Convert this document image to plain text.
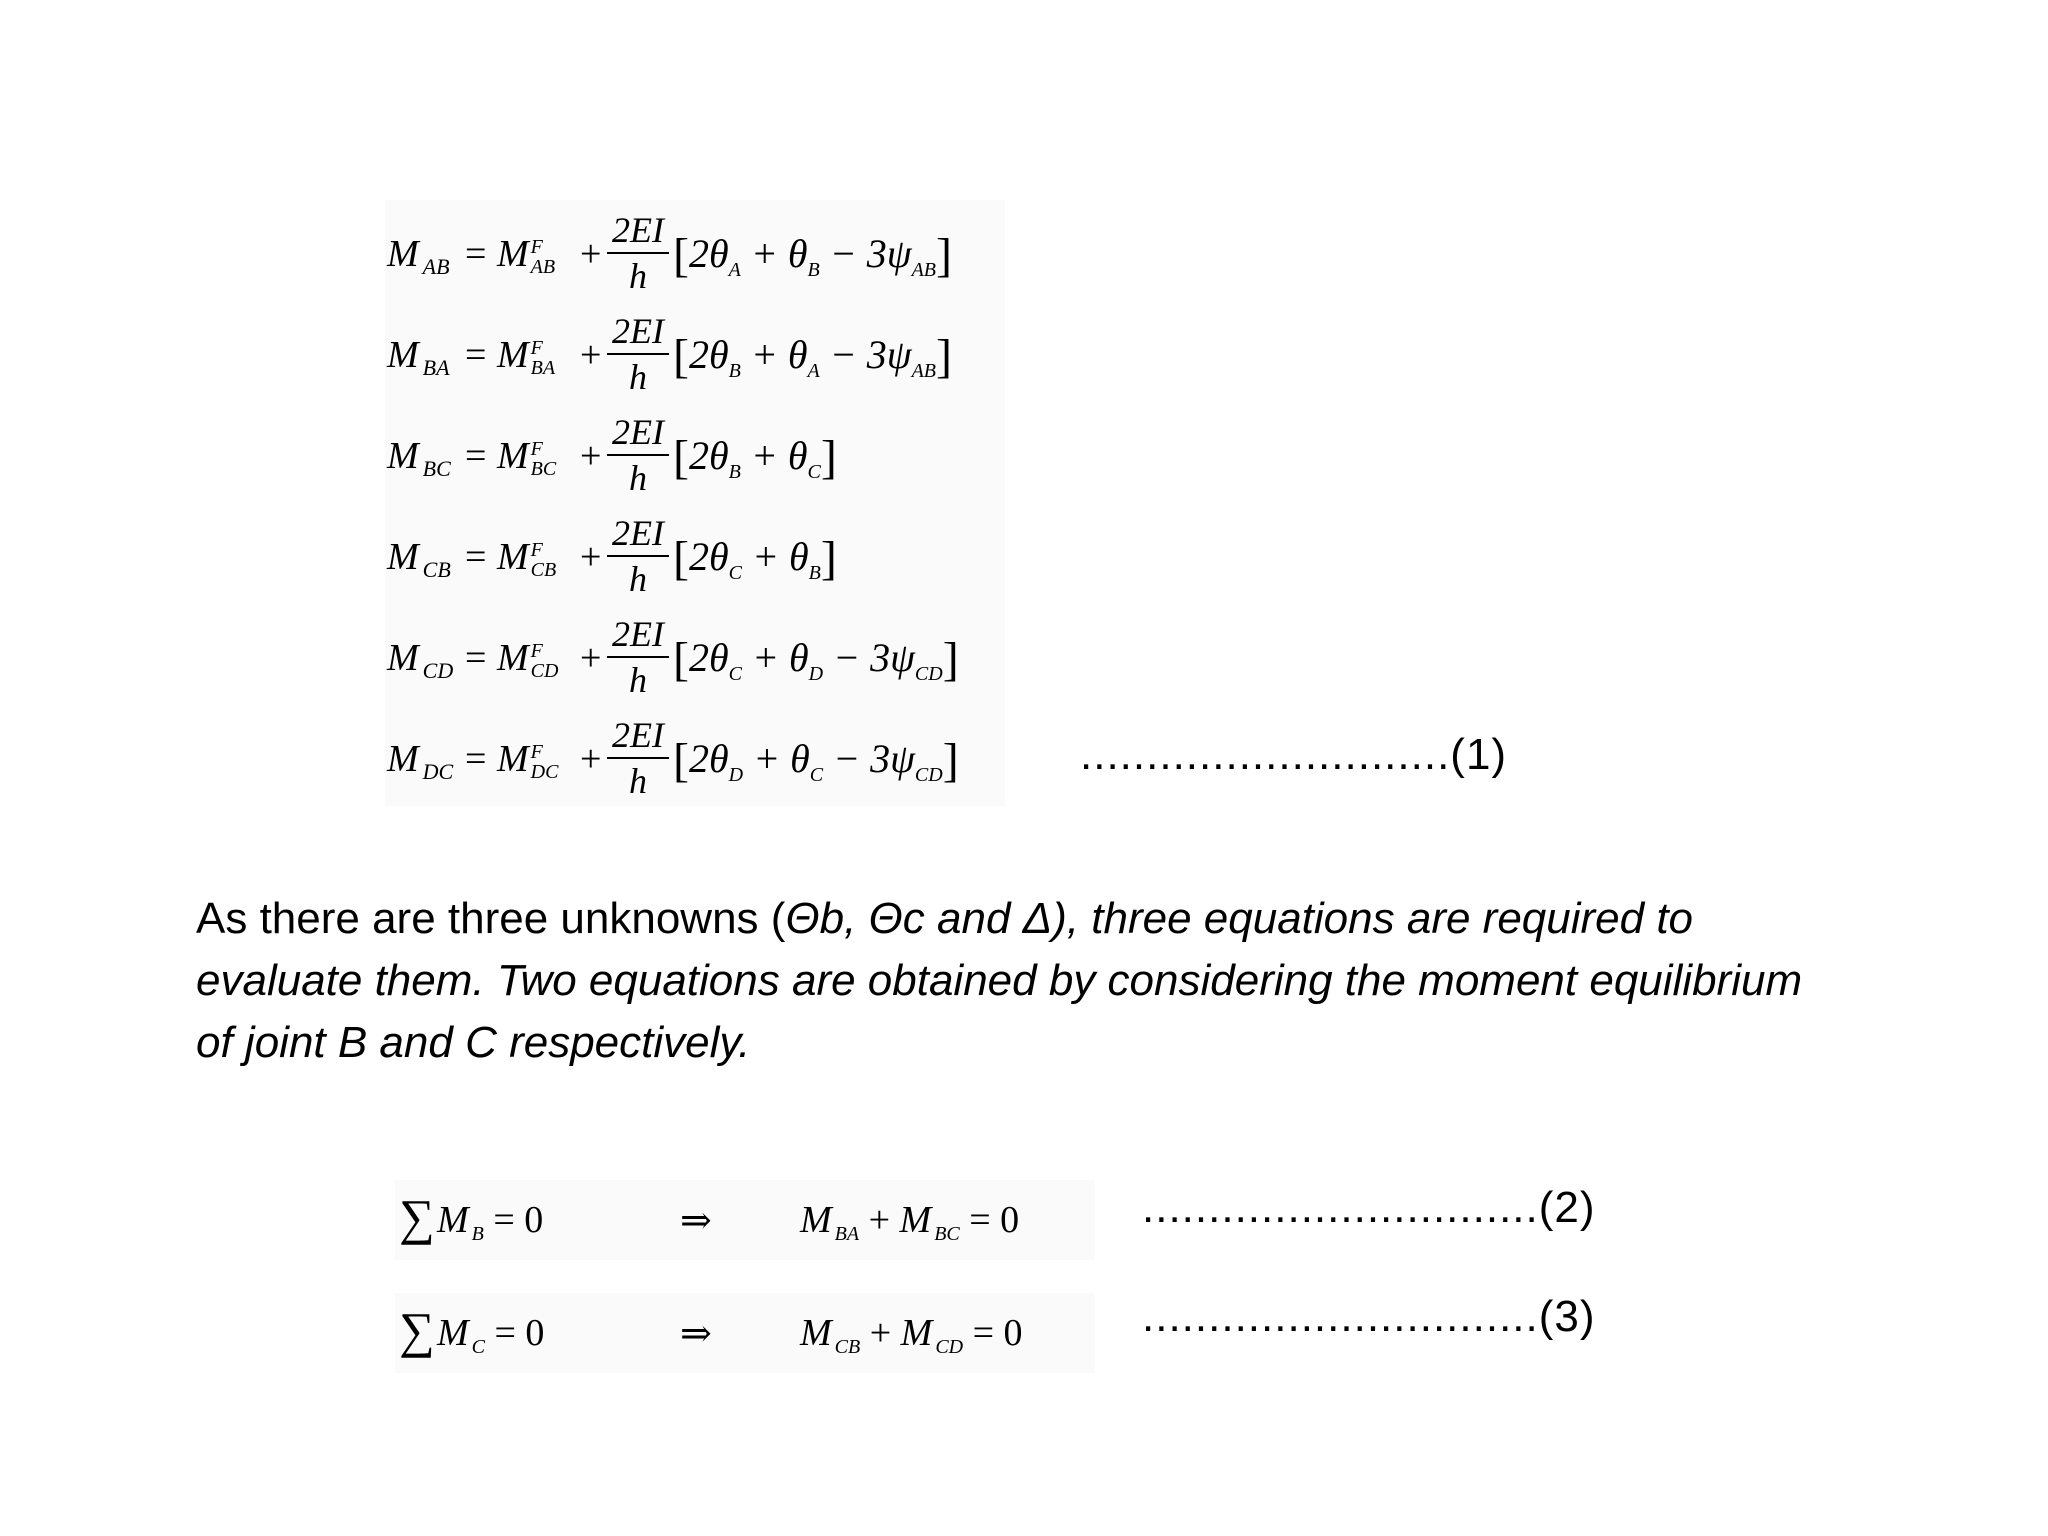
M $_{AB}$ = M F
AB +
2EI
h $[2\theta_A + \theta_B - 3\psi_{AB}]$
M $_{BA}$ = M F
BA +
2EI
h $[2\theta_B + \theta_A - 3\psi_{AB}]$
M $_{BC}$ = M F
BC +
2EI
h $[2\theta_B + \theta_C]$
M $_{CB}$ = M F
CB +
2EI
h $[2\theta_C + \theta_B]$
M $_{CD}$ = M F
CD +
2EI
h $[2\theta_C + \theta_D - 3\psi_{CD}]$
M $_{DC}$ = M F
DC +
2EI
h $[2\theta_D + \theta_C - 3\psi_{CD}]$	............................(1)
As there are three unknowns (Θb, Θc and Δ), three equations are required to evaluate them. Two equations are obtained by considering the moment equilibrium of joint B and C respectively.
∑ M $_B$ = 0	⇒ M $_{BA}$ + M $_{BC}$ = 0	..............................(2)
∑ M $_C$ = 0	⇒ M $_{CB}$ + M $_{CD}$ = 0	..............................(3)
